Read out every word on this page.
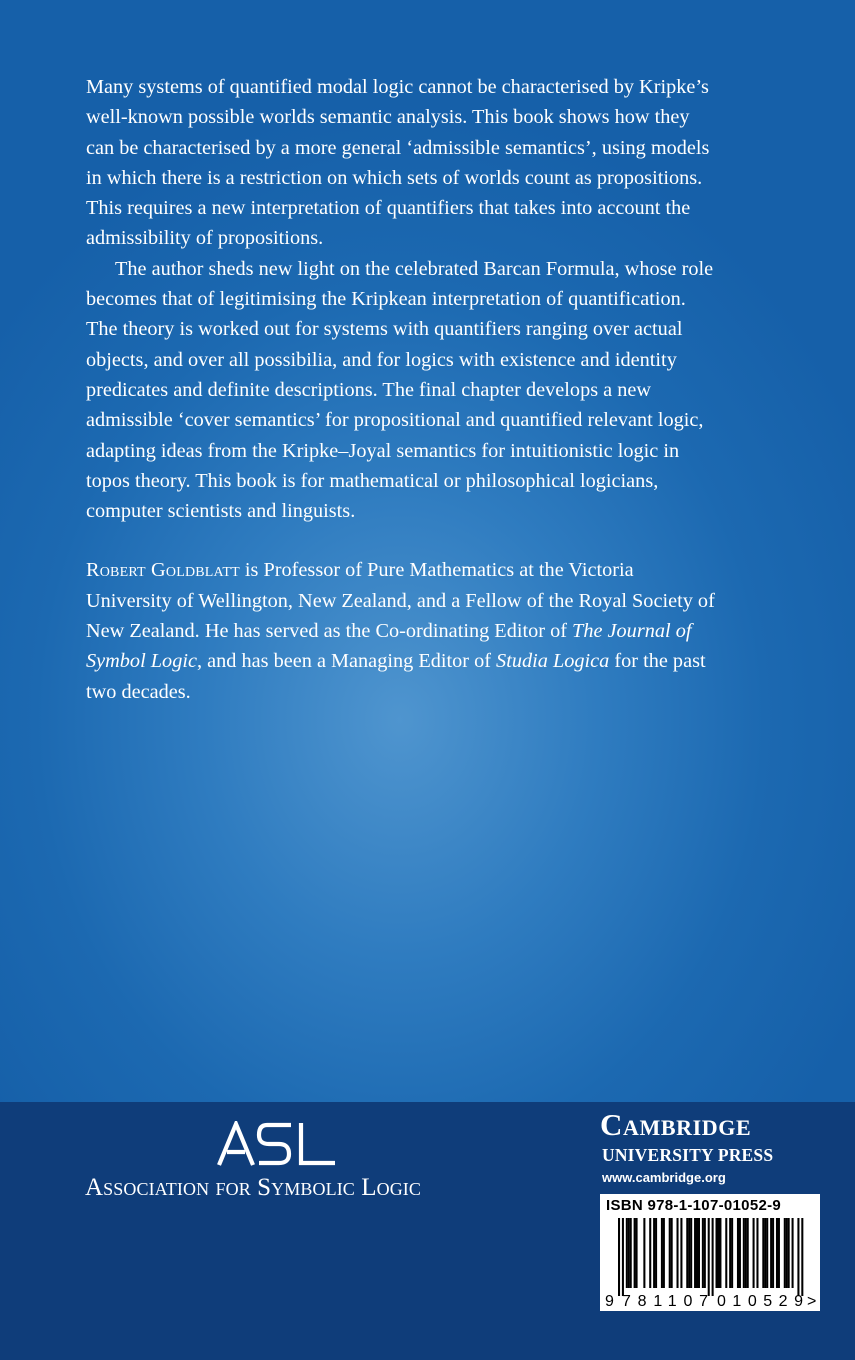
Many systems of quantified modal logic cannot be characterised by Kripke’s
well-known possible worlds semantic analysis. This book shows how they
can be characterised by a more general ‘admissible semantics’, using models
in which there is a restriction on which sets of worlds count as propositions.
This requires a new interpretation of quantifiers that takes into account the
admissibility of propositions.

The author sheds new light on the celebrated Barcan Formula, whose role
becomes that of legitimising the Kripkean interpretation of quantification.
The theory is worked out for systems with quantifiers ranging over actual
objects, and over all possibilia, and for logics with existence and identity
predicates and definite descriptions. The final chapter develops a new
admissible ‘cover semantics’ for propositional and quantified relevant logic,
adapting ideas from the Kripke–Joyal semantics for intuitionistic logic in
topos theory. This book is for mathematical or philosophical logicians,
computer scientists and linguists.

Robert Goldblatt is Professor of Pure Mathematics at the Victoria
University of Wellington, New Zealand, and a Fellow of the Royal Society of
New Zealand. He has served as the Co-ordinating Editor of The Journal of
Symbol Logic, and has been a Managing Editor of Studia Logica for the past
two decades.

Association for Symbolic Logic
Cambridge
UNIVERSITY PRESS
www.cambridge.org
ISBN 978-1-107-01052-9
9 781107 010529 >
